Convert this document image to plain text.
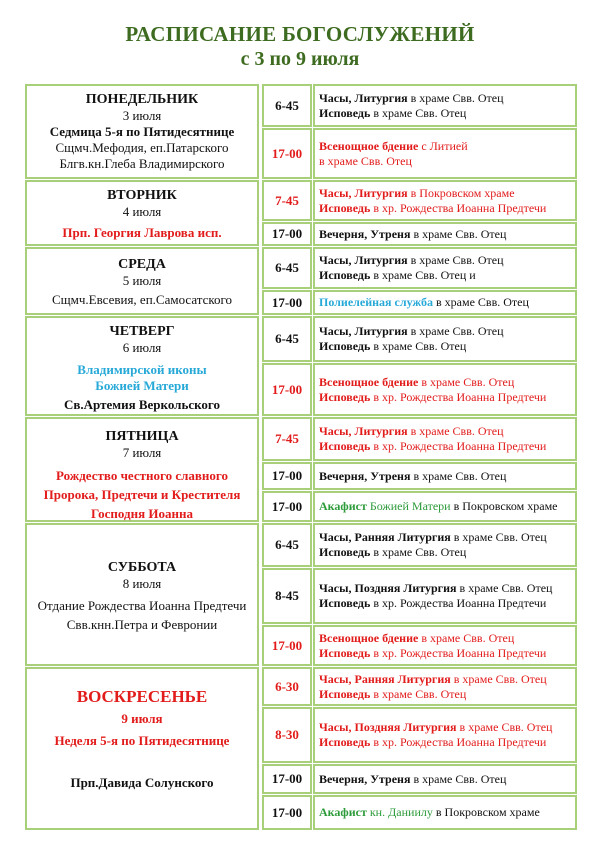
РАСПИСАНИЕ БОГОСЛУЖЕНИЙ
с 3 по 9 июля
ПОНЕДЕЛЬНИК
3 июля
Седмица 5-я по Пятидесятнице
Сщмч.Мефодия, еп.Патарского
Блгв.кн.Глеба Владимирского
6-45	Часы, Литургия в храме Свв. Отец
Исповедь в храме Свв. Отец
17-00	Всенощное бдение с Литией
в храме Свв. Отец
ВТОРНИК
4 июля
Прп. Георгия Лаврова исп.
7-45	Часы, Литургия в Покровском храме
Исповедь в хр. Рождества Иоанна Предтечи
17-00	Вечерня, Утреня в храме Свв. Отец
СРЕДА
5 июля
Сщмч.Евсевия, еп.Самосатского
6-45	Часы, Литургия в храме Свв. Отец
Исповедь в храме Свв. Отец и
17-00	Полиелейная служба в храме Свв. Отец
ЧЕТВЕРГ
6 июля
Владимирской иконы
Божией Матери
Св.Артемия Веркольского
6-45	Часы, Литургия в храме Свв. Отец
Исповедь в храме Свв. Отец
17-00	Всенощное бдение в храме Свв. Отец
Исповедь в хр. Рождества Иоанна Предтечи
ПЯТНИЦА
7 июля
Рождество честного славного
Пророка, Предтечи и Крестителя
Господня Иоанна
7-45	Часы, Литургия в храме Свв. Отец
Исповедь в хр. Рождества Иоанна Предтечи
17-00	Вечерня, Утреня в храме Свв. Отец
17-00	Акафист Божией Матери в Покровском храме
СУББОТА
8 июля
Отдание Рождества Иоанна Предтечи
Свв.кнн.Петра и Февронии
6-45	Часы, Ранняя Литургия в храме Свв. Отец
Исповедь в храме Свв. Отец
8-45	Часы, Поздняя Литургия в храме Свв. Отец
Исповедь в хр. Рождества Иоанна Предтечи
17-00	Всенощное бдение в храме Свв. Отец
Исповедь в хр. Рождества Иоанна Предтечи
ВОСКРЕСЕНЬЕ
9 июля
Неделя 5-я по Пятидесятнице
Прп.Давида Солунского
6-30	Часы, Ранняя Литургия в храме Свв. Отец
Исповедь в храме Свв. Отец
8-30	Часы, Поздняя Литургия в храме Свв. Отец
Исповедь в хр. Рождества Иоанна Предтечи
17-00	Вечерня, Утреня в храме Свв. Отец
17-00	Акафист кн. Даниилу в Покровском храме
